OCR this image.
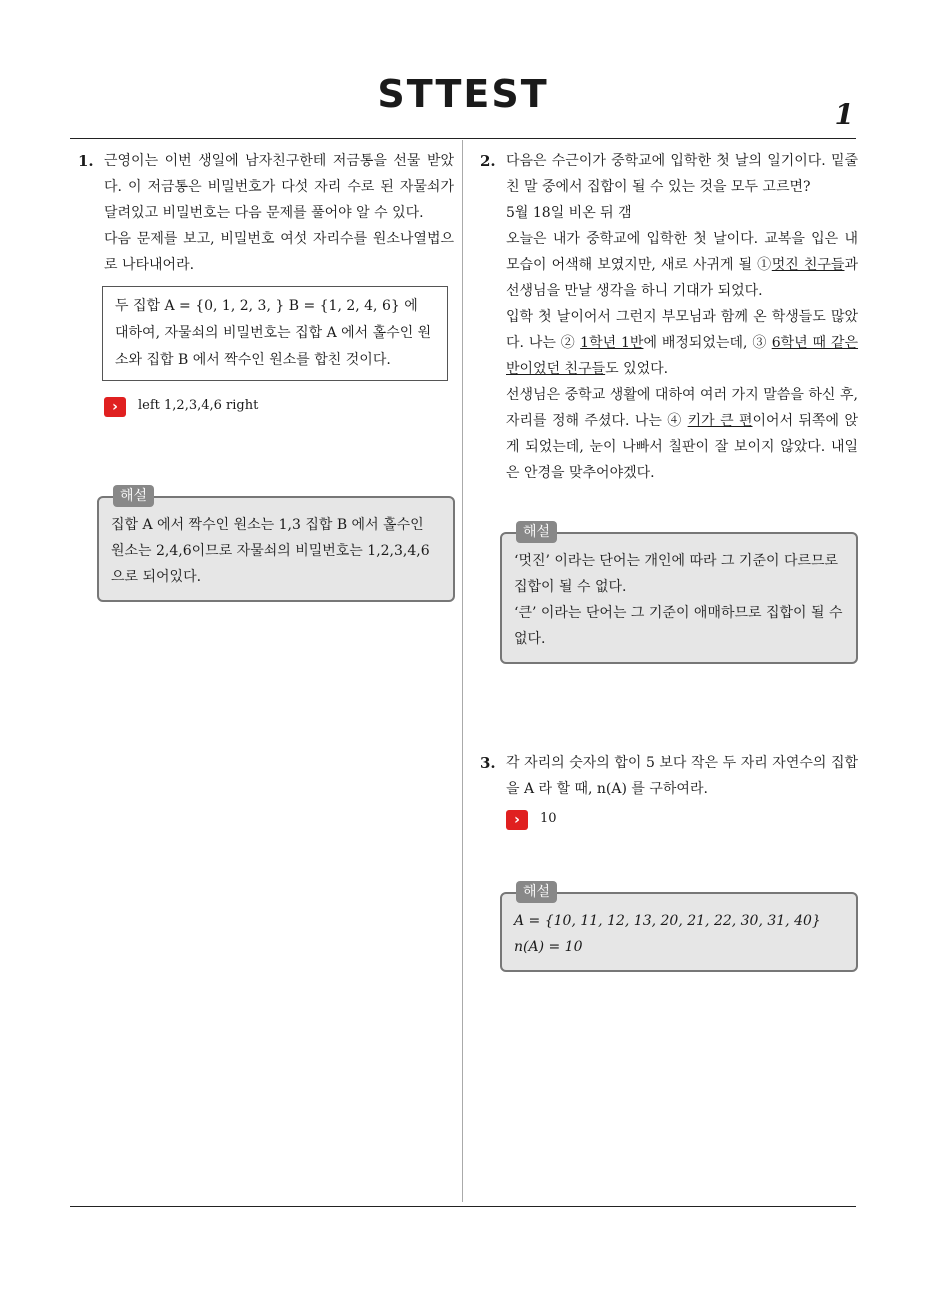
STTEST	1
1. 근영이는 이번 생일에 남자친구한테 저금통을 선물 받았다. 이 저금통은 비밀번호가 다섯 자리 수로 된 자물쇠가 달려있고 비밀번호는 다음 문제를 풀어야 알 수 있다.

다음 문제를 보고, 비밀번호 여섯 자리수를 원소나열법으로 나타내어라.

두 집합 A = {0, 1, 2, 3, } B = {1, 2, 4, 6} 에 대하여, 자물쇠의 비밀번호는 집합 A 에서 홀수인 원소와 집합 B 에서 짝수인 원소를 합친 것이다.
›	left 1,2,3,4,6 right
해설

집합 A 에서 짝수인 원소는 1,3 집합 B 에서 홀수인 원소는 2,4,6이므로 자물쇠의 비밀번호는 1,2,3,4,6 으로 되어있다.

2. 다음은 수근이가 중학교에 입학한 첫 날의 일기이다. 밑줄 친 말 중에서 집합이 될 수 있는 것을 모두 고르면?

5월 18일 비온 뒤 갬

오늘은 내가 중학교에 입학한 첫 날이다. 교복을 입은 내 모습이 어색해 보였지만, 새로 사귀게 될 ①멋진 친구들과 선생님을 만날 생각을 하니 기대가 되었다.

입학 첫 날이어서 그런지 부모님과 함께 온 학생들도 많았다. 나는 ② 1학년 1반에 배정되었는데, ③ 6학년 때 같은 반이었던 친구들도 있었다.

선생님은 중학교 생활에 대하여 여러 가지 말씀을 하신 후, 자리를 정해 주셨다. 나는 ④ 키가 큰 편이어서 뒤쪽에 앉게 되었는데, 눈이 나빠서 칠판이 잘 보이지 않았다. 내일은 안경을 맞추어야겠다.

해설

‘멋진’ 이라는 단어는 개인에 따라 그 기준이 다르므로 집합이 될 수 없다.

‘큰’ 이라는 단어는 그 기준이 애매하므로 집합이 될 수 없다.

3. 각 자리의 숫자의 합이 5 보다 작은 두 자리 자연수의 집합을 A 라 할 때, n(A) 를 구하여라.

›	10
해설

A = {10, 11, 12, 13, 20, 21, 22, 30, 31, 40}

n(A) = 10
